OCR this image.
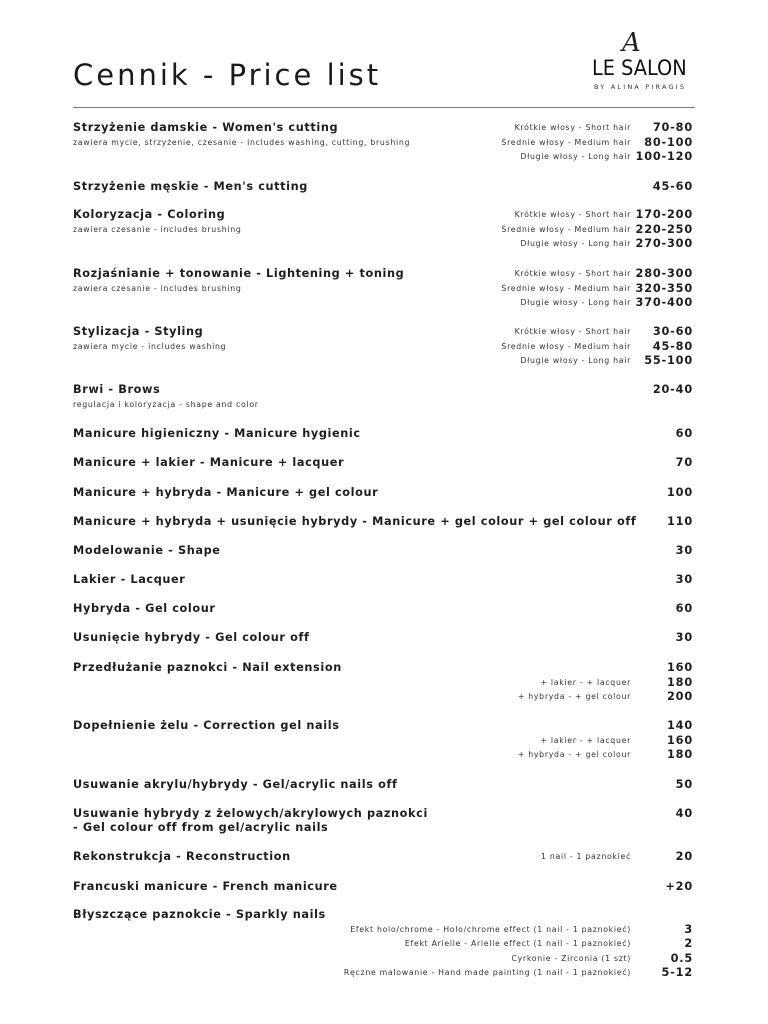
Cennik - Price list
A
LE SALON
BY ALINA PIRAGIS
Strzyżenie damskie - Women's cutting
zawiera mycie, strzyżenie, czesanie - includes washing, cutting, brushing
Krótkie włosy - Short hair 70-80
Średnie włosy - Medium hair 80-100
Długie włosy - Long hair 100-120
Strzyżenie męskie - Men's cutting	45-60
Koloryzacja - Coloring
zawiera czesanie - includes brushing
Krótkie włosy - Short hair 170-200
Średnie włosy - Medium hair 220-250
Długie włosy - Long hair 270-300
Rozjaśnianie + tonowanie - Lightening + toning
zawiera czesanie - includes brushing
Krótkie włosy - Short hair 280-300
Średnie włosy - Medium hair 320-350
Długie włosy - Long hair 370-400
Stylizacja - Styling
zawiera mycie - includes washing
Krótkie włosy - Short hair 30-60
Średnie włosy - Medium hair 45-80
Długie włosy - Long hair 55-100
Brwi - Brows
regulacja i koloryzacja - shape and color
20-40
Manicure higieniczny - Manicure hygienic	60
Manicure + lakier - Manicure + lacquer	70
Manicure + hybryda - Manicure + gel colour	100
Manicure + hybryda + usunięcie hybrydy - Manicure + gel colour + gel colour off	110
Modelowanie - Shape	30
Lakier - Lacquer	30
Hybryda - Gel colour	60
Usunięcie hybrydy - Gel colour off	30
Przedłużanie paznokci - Nail extension	160
+ lakier - + lacquer	180
+ hybryda - + gel colour	200
Dopełnienie żelu - Correction gel nails	140
+ lakier - + lacquer	160
+ hybryda - + gel colour	180
Usuwanie akrylu/hybrydy - Gel/acrylic nails off	50
Usuwanie hybrydy z żelowych/akrylowych paznokci
- Gel colour off from gel/acrylic nails
40
Rekonstrukcja - Reconstruction	1 nail - 1 paznokieć	20
Francuski manicure - French manicure	+20
Błyszczące paznokcie - Sparkly nails
Efekt holo/chrome - Holo/chrome effect (1 nail - 1 paznokieć)	3
Efekt Arielle - Arielle effect (1 nail - 1 paznokieć)	2
Cyrkonie - Zirconia (1 szt)	0.5
Ręczne malowanie - Hand made painting (1 nail - 1 paznokieć)	5-12
